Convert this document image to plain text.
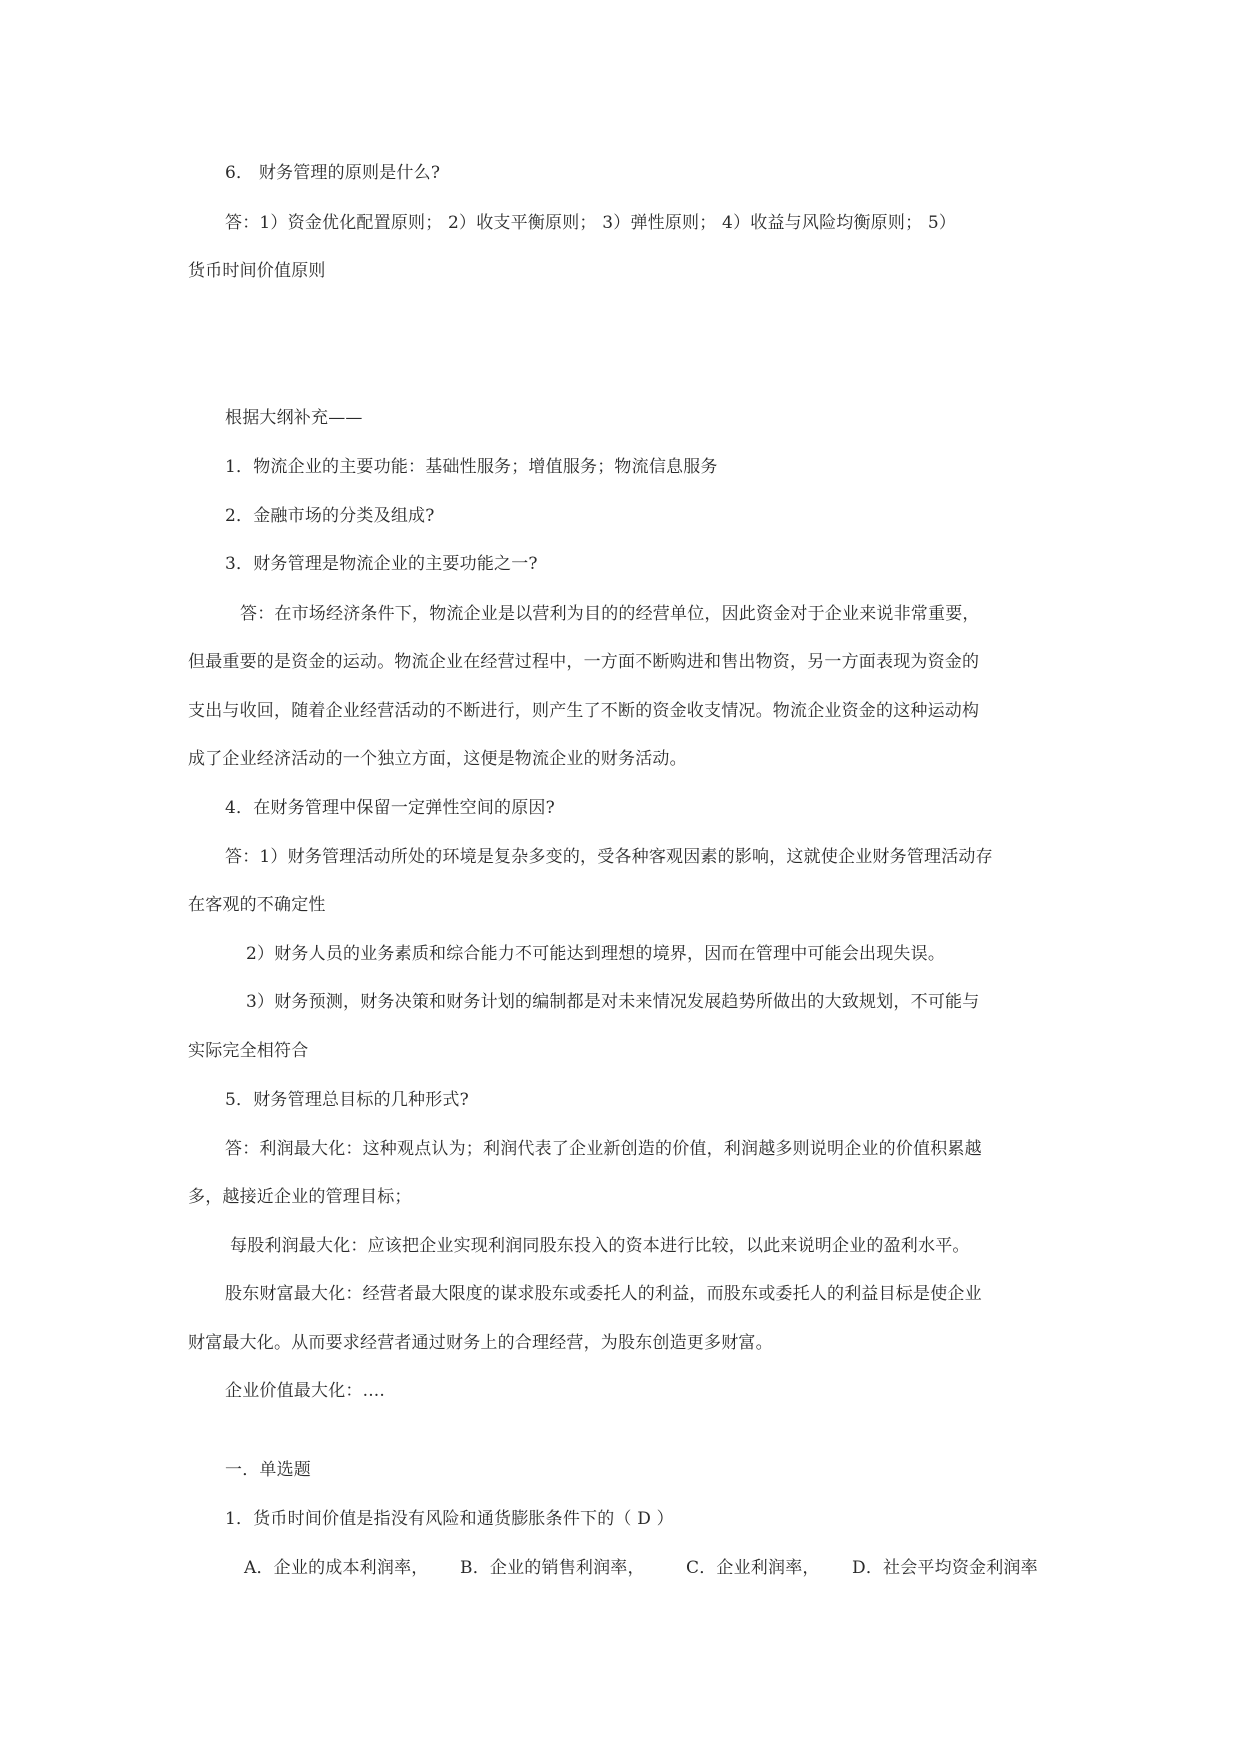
6． 财务管理的原则是什么?

答：1）资金优化配置原则； 2）收支平衡原则； 3）弹性原则； 4）收益与风险均衡原则； 5）

货币时间价值原则

根据大纲补充——

1．物流企业的主要功能：基础性服务；增值服务；物流信息服务

2．金融市场的分类及组成?

3．财务管理是物流企业的主要功能之一?

答：在市场经济条件下，物流企业是以营利为目的的经营单位，因此资金对于企业来说非常重要，

但最重要的是资金的运动。物流企业在经营过程中，一方面不断购进和售出物资，另一方面表现为资金的

支出与收回，随着企业经营活动的不断进行，则产生了不断的资金收支情况。物流企业资金的这种运动构

成了企业经济活动的一个独立方面，这便是物流企业的财务活动。

4．在财务管理中保留一定弹性空间的原因?

答：1）财务管理活动所处的环境是复杂多变的，受各种客观因素的影响，这就使企业财务管理活动存

在客观的不确定性

2）财务人员的业务素质和综合能力不可能达到理想的境界，因而在管理中可能会出现失误。

3）财务预测，财务决策和财务计划的编制都是对未来情况发展趋势所做出的大致规划，不可能与

实际完全相符合

5．财务管理总目标的几种形式?

答：利润最大化：这种观点认为；利润代表了企业新创造的价值，利润越多则说明企业的价值积累越

多，越接近企业的管理目标；

每股利润最大化：应该把企业实现利润同股东投入的资本进行比较，以此来说明企业的盈利水平。

股东财富最大化：经营者最大限度的谋求股东或委托人的利益，而股东或委托人的利益目标是使企业

财富最大化。从而要求经营者通过财务上的合理经营，为股东创造更多财富。

企业价值最大化：....

一．单选题

1．货币时间价值是指没有风险和通货膨胀条件下的（ D ）

A．企业的成本利润率， B．企业的销售利润率， C．企业利润率， D．社会平均资金利润率
